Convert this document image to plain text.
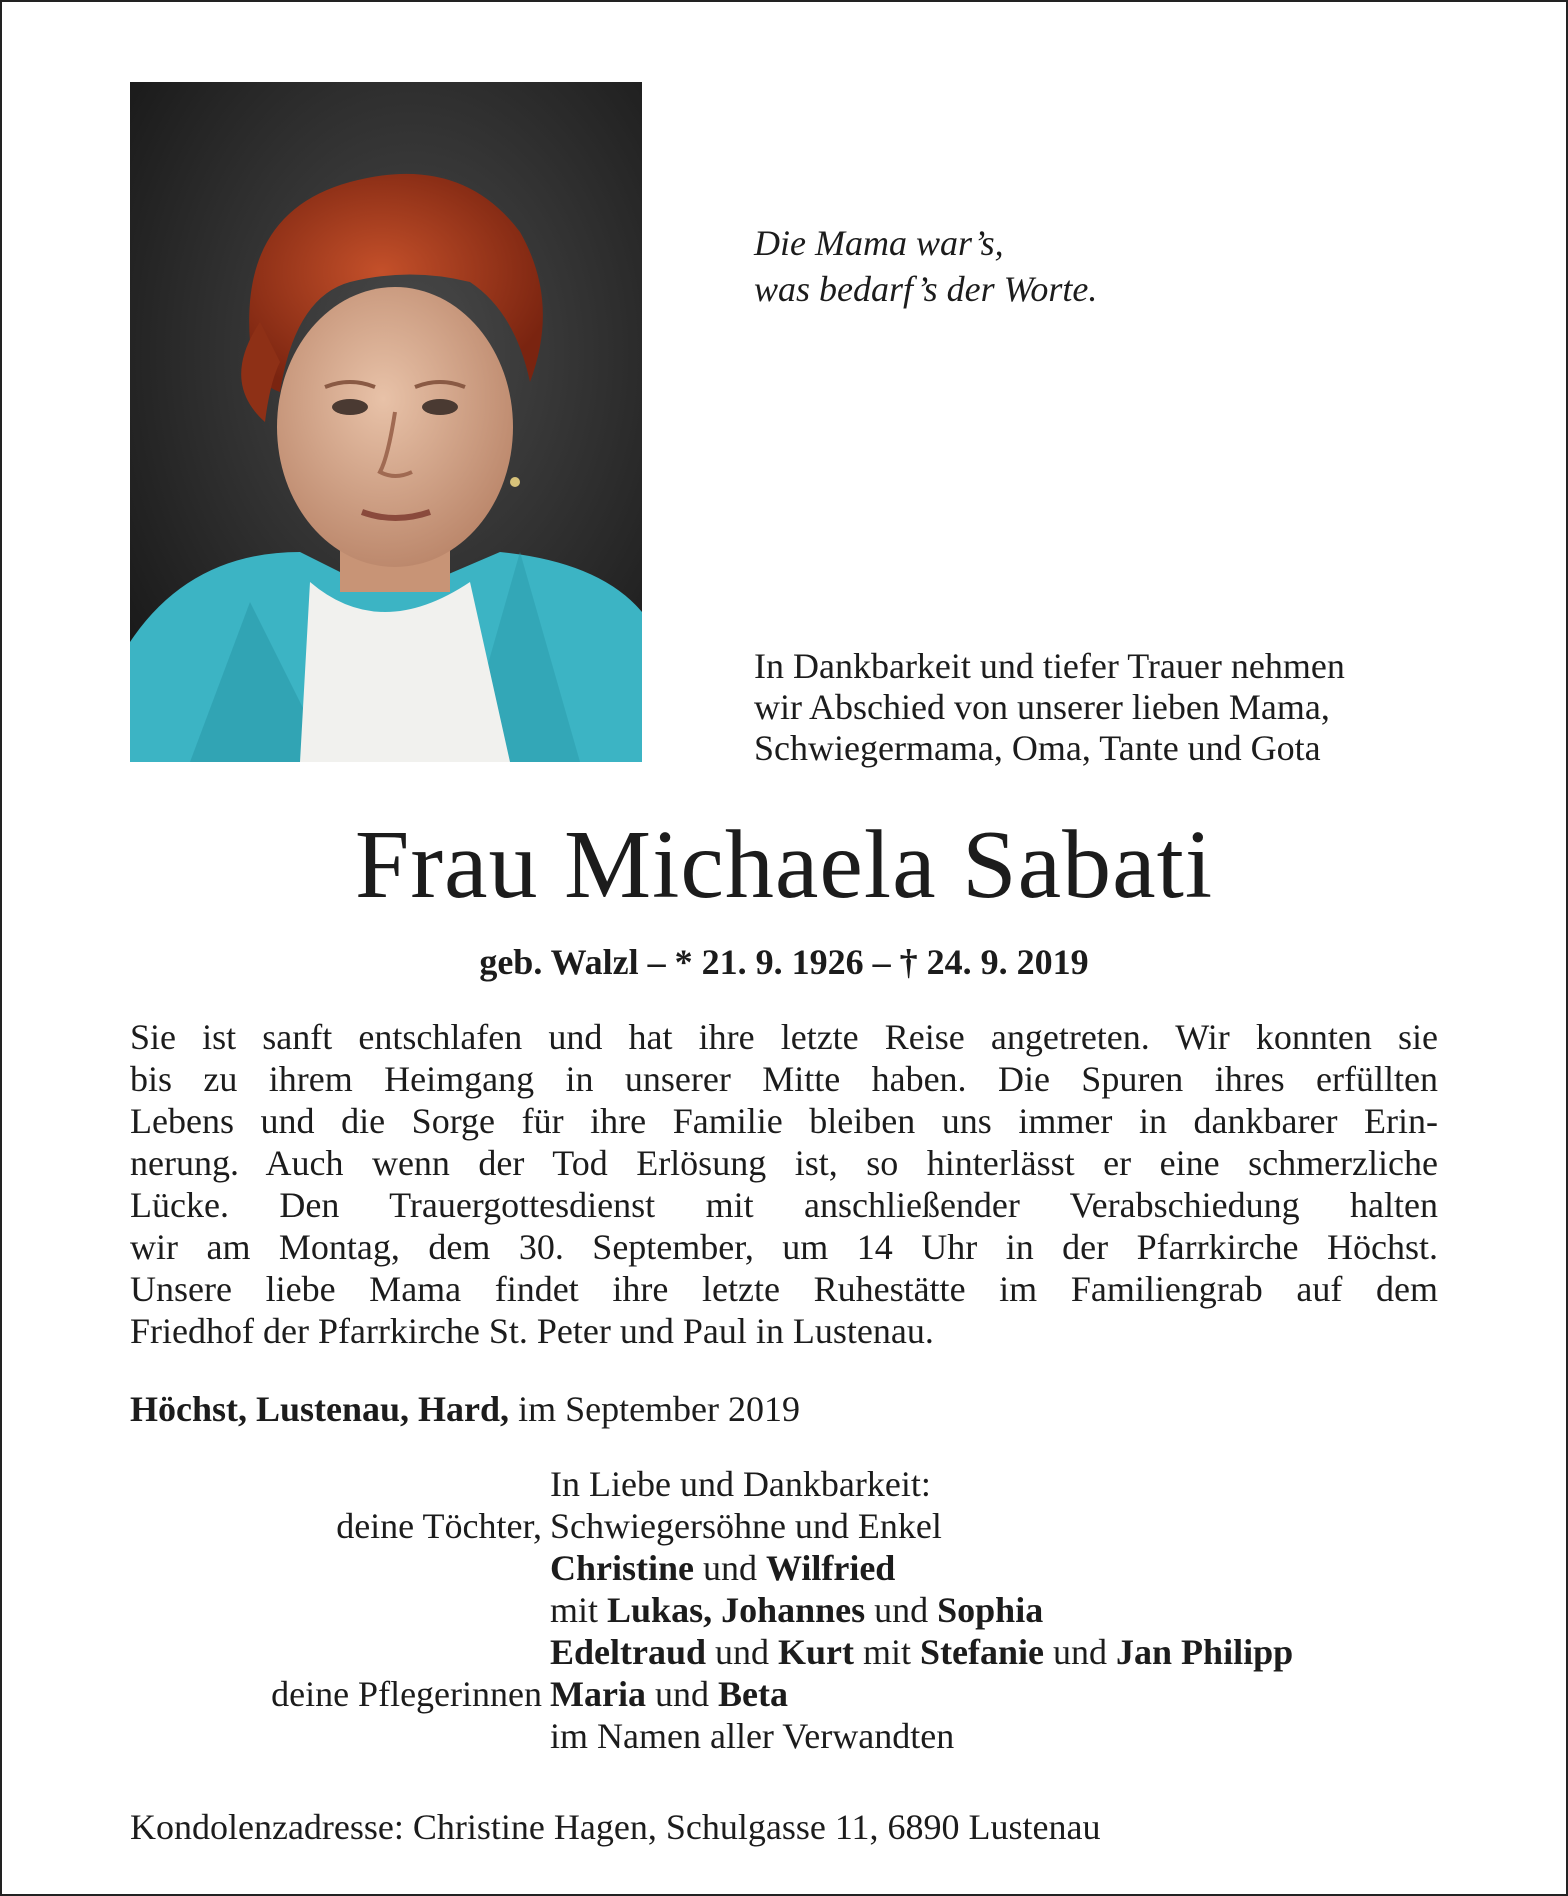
Die Mama war’s,
was bedarf’s der Worte.

In Dankbarkeit und tiefer Trauer nehmen
wir Abschied von unserer lieben Mama,
Schwiegermama, Oma, Tante und Gota

Frau Michaela Sabati

geb. Walzl – * 21. 9. 1926 – † 24. 9. 2019

Sie ist sanft entschlafen und hat ihre letzte Reise angetreten. Wir konnten sie
bis zu ihrem Heimgang in unserer Mitte haben. Die Spuren ihres erfüllten
Lebens und die Sorge für ihre Familie bleiben uns immer in dankbarer Erin-
nerung. Auch wenn der Tod Erlösung ist, so hinterlässt er eine schmerzliche
Lücke. Den Trauergottesdienst mit anschließender Verabschiedung halten
wir am Montag, dem 30. September, um 14 Uhr in der Pfarrkirche Höchst.
Unsere liebe Mama findet ihre letzte Ruhestätte im Familiengrab auf dem
Friedhof der Pfarrkirche St. Peter und Paul in Lustenau.

Höchst, Lustenau, Hard, im September 2019

In Liebe und Dankbarkeit:
deine Töchter, Schwiegersöhne und Enkel
Christine und Wilfried
mit Lukas, Johannes und Sophia
Edeltraud und Kurt mit Stefanie und Jan Philipp
deine Pflegerinnen Maria und Beta
im Namen aller Verwandten

Kondolenzadresse: Christine Hagen, Schulgasse 11, 6890 Lustenau
